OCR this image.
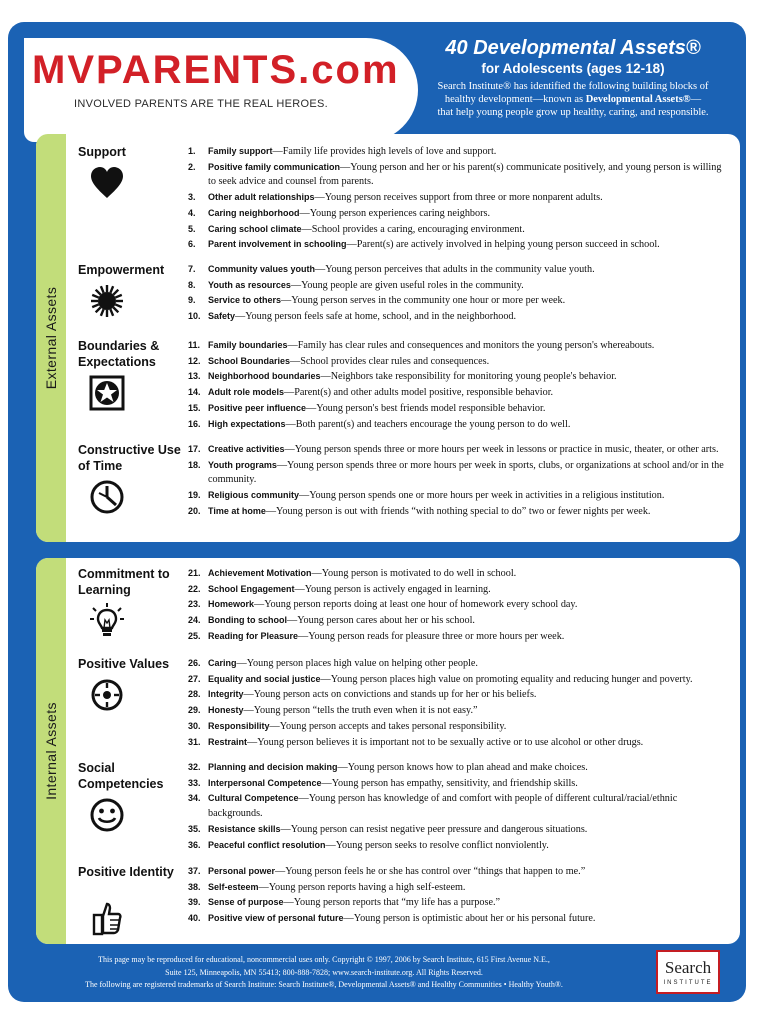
MVPARENTS.com
INVOLVED PARENTS ARE THE REAL HEROES.
40 Developmental Assets®
for Adolescents (ages 12-18)
Search Institute® has identified the following building blocks of
healthy development—known as Developmental Assets®—
that help young people grow up healthy, caring, and responsible.
External Assets
Support	1. Family support—Family life provides high levels of love and support.
2. Positive family communication—Young person and her or his parent(s) communicate positively, and young person is willing to seek advice and counsel from parents.
3. Other adult relationships—Young person receives support from three or more nonparent adults.
4. Caring neighborhood—Young person experiences caring neighbors.
5. Caring school climate—School provides a caring, encouraging environment.
6. Parent involvement in schooling—Parent(s) are actively involved in helping young person succeed in school.
Empowerment	7. Community values youth—Young person perceives that adults in the community value youth.
8. Youth as resources—Young people are given useful roles in the community.
9. Service to others—Young person serves in the community one hour or more per week.
10. Safety—Young person feels safe at home, school, and in the neighborhood.
Boundaries & Expectations
11. Family boundaries—Family has clear rules and consequences and monitors the young person's whereabouts.
12. School Boundaries—School provides clear rules and consequences.
13. Neighborhood boundaries—Neighbors take responsibility for monitoring young people's behavior.
14. Adult role models—Parent(s) and other adults model positive, responsible behavior.
15. Positive peer influence—Young person's best friends model responsible behavior.
16. High expectations—Both parent(s) and teachers encourage the young person to do well.
Constructive Use of Time
17. Creative activities—Young person spends three or more hours per week in lessons or practice in music, theater, or other arts.
18. Youth programs—Young person spends three or more hours per week in sports, clubs, or organizations at school and/or in the community.
19. Religious community—Young person spends one or more hours per week in activities in a religious institution.
20. Time at home—Young person is out with friends “with nothing special to do” two or fewer nights per week.
Internal Assets
Commitment to Learning
21. Achievement Motivation—Young person is motivated to do well in school.
22. School Engagement—Young person is actively engaged in learning.
23. Homework—Young person reports doing at least one hour of homework every school day.
24. Bonding to school—Young person cares about her or his school.
25. Reading for Pleasure—Young person reads for pleasure three or more hours per week.
Positive Values	26. Caring—Young person places high value on helping other people.
27. Equality and social justice—Young person places high value on promoting equality and reducing hunger and poverty.
28. Integrity—Young person acts on convictions and stands up for her or his beliefs.
29. Honesty—Young person “tells the truth even when it is not easy.”
30. Responsibility—Young person accepts and takes personal responsibility.
31. Restraint—Young person believes it is important not to be sexually active or to use alcohol or other drugs.
Social Competencies
32. Planning and decision making—Young person knows how to plan ahead and make choices.
33. Interpersonal Competence—Young person has empathy, sensitivity, and friendship skills.
34. Cultural Competence—Young person has knowledge of and comfort with people of different cultural/racial/ethnic backgrounds.
35. Resistance skills—Young person can resist negative peer pressure and dangerous situations.
36. Peaceful conflict resolution—Young person seeks to resolve conflict nonviolently.
Positive Identity	37. Personal power—Young person feels he or she has control over “things that happen to me.”
38. Self-esteem—Young person reports having a high self-esteem.
39. Sense of purpose—Young person reports that “my life has a purpose.”
40. Positive view of personal future—Young person is optimistic about her or his personal future.
This page may be reproduced for educational, noncommercial uses only. Copyright © 1997, 2006 by Search Institute, 615 First Avenue N.E.,
Suite 125, Minneapolis, MN 55413; 800-888-7828; www.search-institute.org. All Rights Reserved.
The following are registered trademarks of Search Institute: Search Institute®, Developmental Assets® and Healthy Communities • Healthy Youth®.
Search
INSTITUTE
